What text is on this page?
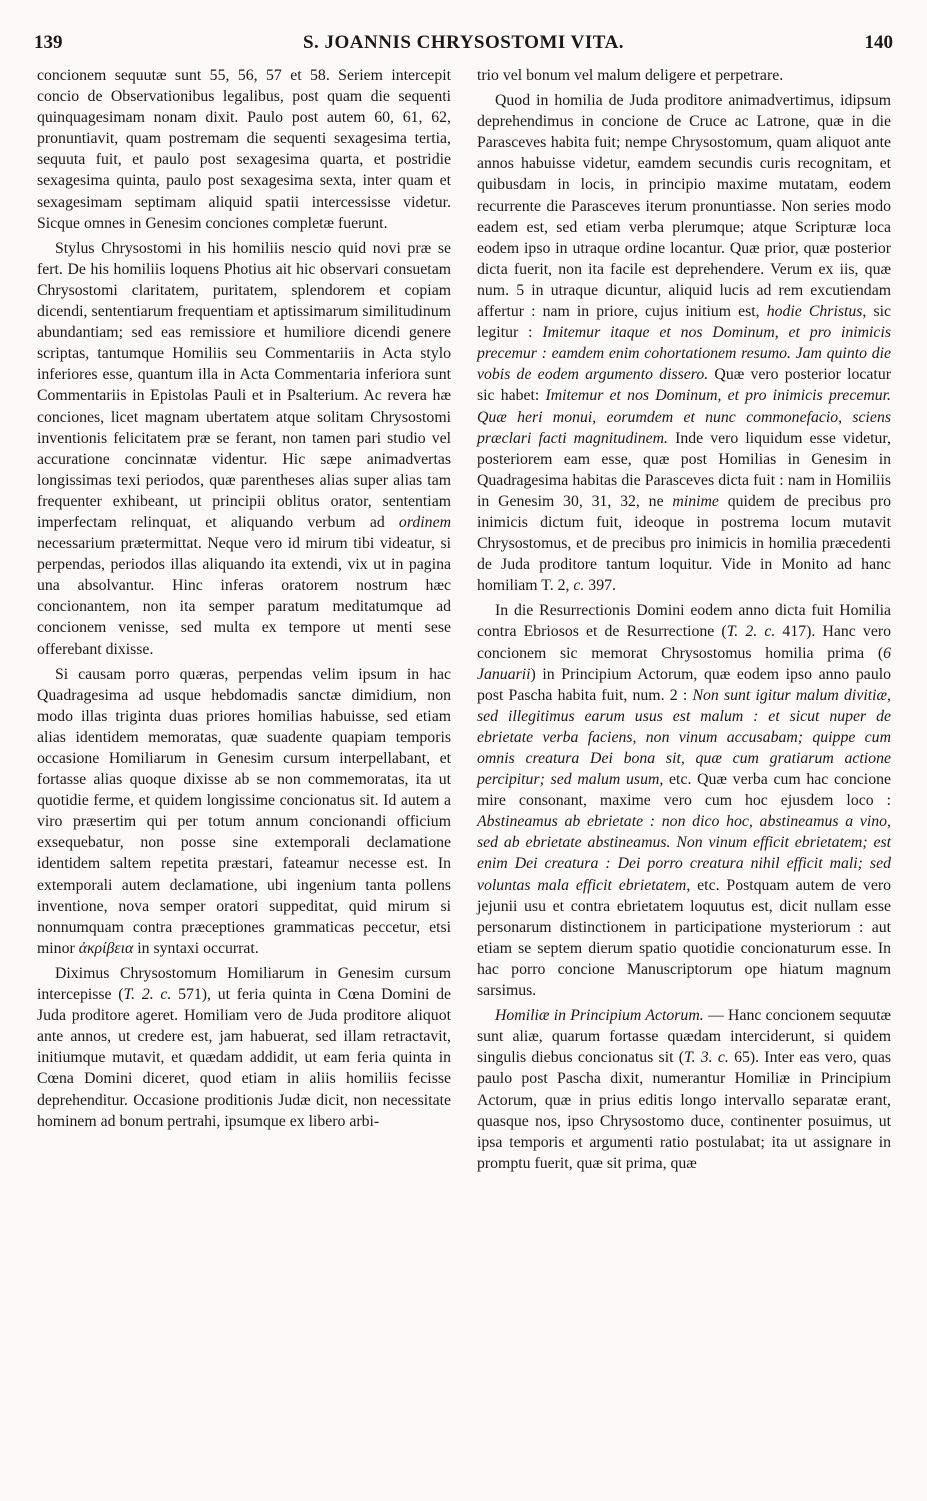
139	S. JOANNIS CHRYSOSTOMI VITA.	140

concionem sequutæ sunt 55, 56, 57 et 58. Seriem intercepit concio de Observationibus legalibus, post quam die sequenti quinquagesimam nonam dixit. Paulo post autem 60, 61, 62, pronuntiavit, quam postremam die sequenti sexagesima tertia, sequuta fuit, et paulo post sexagesima quarta, et postridie sexagesima quinta, paulo post sexagesima sexta, inter quam et sexagesimam septimam aliquid spatii intercessisse videtur. Sicque omnes in Genesim conciones completæ fuerunt.

Stylus Chrysostomi in his homiliis nescio quid novi præ se fert. De his homiliis loquens Photius ait hic observari consuetam Chrysostomi claritatem, puritatem, splendorem et copiam dicendi, sententiarum frequentiam et aptissimarum similitudinum abundantiam; sed eas remissiore et humiliore dicendi genere scriptas, tantumque Homiliis seu Commentariis in Acta stylo inferiores esse, quantum illa in Acta Commentaria inferiora sunt Commentariis in Epistolas Pauli et in Psalterium. Ac revera hæ conciones, licet magnam ubertatem atque solitam Chrysostomi inventionis felicitatem præ se ferant, non tamen pari studio vel accuratione concinnatæ videntur. Hic sæpe animadvertas longissimas texi periodos, quæ parentheses alias super alias tam frequenter exhibeant, ut principii oblitus orator, sententiam imperfectam relinquat, et aliquando verbum ad ordinem necessarium prætermittat. Neque vero id mirum tibi videatur, si perpendas, periodos illas aliquando ita extendi, vix ut in pagina una absolvantur. Hinc inferas oratorem nostrum hæc concionantem, non ita semper paratum meditatumque ad concionem venisse, sed multa ex tempore ut menti sese offerebant dixisse.

Si causam porro quæras, perpendas velim ipsum in hac Quadragesima ad usque hebdomadis sanctæ dimidium, non modo illas triginta duas priores homilias habuisse, sed etiam alias identidem memoratas, quæ suadente quapiam temporis occasione Homiliarum in Genesim cursum interpellabant, et fortasse alias quoque dixisse ab se non commemoratas, ita ut quotidie ferme, et quidem longissime concionatus sit. Id autem a viro præsertim qui per totum annum concionandi officium exsequebatur, non posse sine extemporali declamatione identidem saltem repetita præstari, fateamur necesse est. In extemporali autem declamatione, ubi ingenium tanta pollens inventione, nova semper oratori suppeditat, quid mirum si nonnumquam contra præceptiones grammaticas peccetur, etsi minor ἀκρίβεια in syntaxi occurrat.

Diximus Chrysostomum Homiliarum in Genesim cursum intercepisse (T. 2. c. 571), ut feria quinta in Cœna Domini de Juda proditore ageret. Homiliam vero de Juda proditore aliquot ante annos, ut credere est, jam habuerat, sed illam retractavit, initiumque mutavit, et quædam addidit, ut eam feria quinta in Cœna Domini diceret, quod etiam in aliis homiliis fecisse deprehenditur. Occasione proditionis Judæ dicit, non necessitate hominem ad bonum pertrahi, ipsumque ex libero arbi-

trio vel bonum vel malum deligere et perpetrare.

Quod in homilia de Juda proditore animadvertimus, idipsum deprehendimus in concione de Cruce ac Latrone, quæ in die Parasceves habita fuit; nempe Chrysostomum, quam aliquot ante annos habuisse videtur, eamdem secundis curis recognitam, et quibusdam in locis, in principio maxime mutatam, eodem recurrente die Parasceves iterum pronuntiasse. Non series modo eadem est, sed etiam verba plerumque; atque Scripturæ loca eodem ipso in utraque ordine locantur. Quæ prior, quæ posterior dicta fuerit, non ita facile est deprehendere. Verum ex iis, quæ num. 5 in utraque dicuntur, aliquid lucis ad rem excutiendam affertur : nam in priore, cujus initium est, hodie Christus, sic legitur : Imitemur itaque et nos Dominum, et pro inimicis precemur : eamdem enim cohortationem resumo. Jam quinto die vobis de eodem argumento dissero. Quæ vero posterior locatur sic habet: Imitemur et nos Dominum, et pro inimicis precemur. Quæ heri monui, eorumdem et nunc commonefacio, sciens præclari facti magnitudinem. Inde vero liquidum esse videtur, posteriorem eam esse, quæ post Homilias in Genesim in Quadragesima habitas die Parasceves dicta fuit : nam in Homiliis in Genesim 30, 31, 32, ne minime quidem de precibus pro inimicis dictum fuit, ideoque in postrema locum mutavit Chrysostomus, et de precibus pro inimicis in homilia præcedenti de Juda proditore tantum loquitur. Vide in Monito ad hanc homiliam T. 2, c. 397.

In die Resurrectionis Domini eodem anno dicta fuit Homilia contra Ebriosos et de Resurrectione (T. 2. c. 417). Hanc vero concionem sic memorat Chrysostomus homilia prima (6 Januarii) in Principium Actorum, quæ eodem ipso anno paulo post Pascha habita fuit, num. 2 : Non sunt igitur malum divitiæ, sed illegitimus earum usus est malum : et sicut nuper de ebrietate verba faciens, non vinum accusabam; quippe cum omnis creatura Dei bona sit, quæ cum gratiarum actione percipitur; sed malum usum, etc. Quæ verba cum hac concione mire consonant, maxime vero cum hoc ejusdem loco : Abstineamus ab ebrietate : non dico hoc, abstineamus a vino, sed ab ebrietate abstineamus. Non vinum efficit ebrietatem; est enim Dei creatura : Dei porro creatura nihil efficit mali; sed voluntas mala efficit ebrietatem, etc. Postquam autem de vero jejunii usu et contra ebrietatem loquutus est, dicit nullam esse personarum distinctionem in participatione mysteriorum : aut etiam se septem dierum spatio quotidie concionaturum esse. In hac porro concione Manuscriptorum ope hiatum magnum sarsimus.

Homiliæ in Principium Actorum. — Hanc concionem sequutæ sunt aliæ, quarum fortasse quædam interciderunt, si quidem singulis diebus concionatus sit (T. 3. c. 65). Inter eas vero, quas paulo post Pascha dixit, numerantur Homiliæ in Principium Actorum, quæ in prius editis longo intervallo separatæ erant, quasque nos, ipso Chrysostomo duce, continenter posuimus, ut ipsa temporis et argumenti ratio postulabat; ita ut assignare in promptu fuerit, quæ sit prima, quæ
